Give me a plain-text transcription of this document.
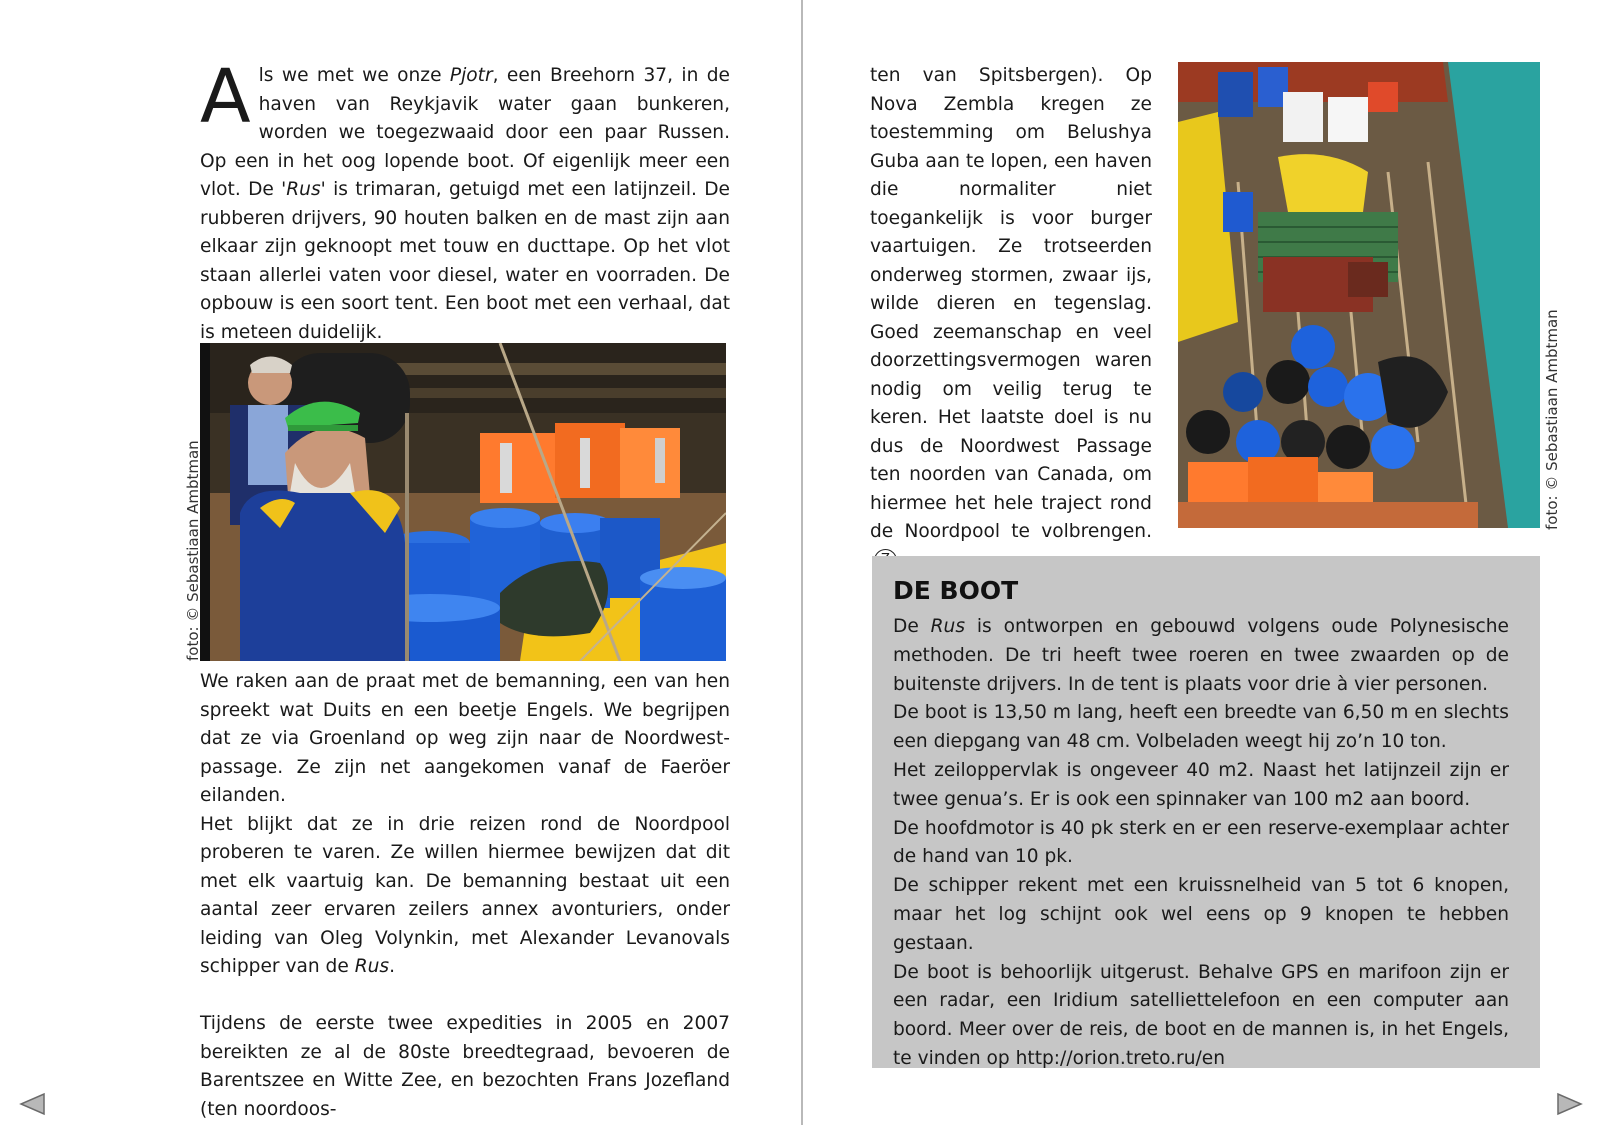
A ls we met we onze Pjotr, een Breehorn 37, in de haven van Reykjavik water gaan bunkeren, worden we toegezwaaid door een paar Russen. Op een in het oog lopende boot. Of eigenlijk meer een vlot. De 'Rus' is trimaran, getuigd met een latijnzeil. De rubberen drijvers, 90 houten balken en de mast zijn aan elkaar zijn geknoopt met touw en ducttape. Op het vlot staan allerlei vaten voor diesel, water en voorraden. De opbouw is een soort tent. Een boot met een verhaal, dat is meteen duidelijk.

foto: © Sebastiaan Ambtman

We raken aan de praat met de bemanning, een van hen spreekt wat Duits en een beetje Engels. We begrijpen dat ze via Groenland op weg zijn naar de Noordwest-passage. Ze zijn net aangekomen vanaf de Faeröer eilanden.

Het blijkt dat ze in drie reizen rond de Noordpool proberen te varen. Ze willen hiermee bewijzen dat dit met elk vaartuig kan. De bemanning bestaat uit een aantal zeer ervaren zeilers annex avonturiers, onder leiding van Oleg Volynkin, met Alexander Levanovals schipper van de Rus.

Tijdens de eerste twee expedities in 2005 en 2007 bereikten ze al de 80ste breedtegraad, bevoeren de Barentszee en Witte Zee, en bezochten Frans Jozefland (ten noordoos-

ten van Spitsbergen). Op Nova Zembla kregen ze toestemming om Belushya Guba aan te lopen, een haven die normaliter niet toegankelijk is voor burger vaartuigen. Ze trotseerden onderweg stormen, zwaar ijs, wilde dieren en tegenslag. Goed zeemanschap en veel doorzettingsvermogen waren nodig om veilig terug te keren. Het laatste doel is nu dus de Noordwest Passage ten noorden van Canada, om hiermee het hele traject rond de Noordpool te volbrengen.

foto: © Sebastiaan Ambtman
DE BOOT

De Rus is ontworpen en gebouwd volgens oude Polynesische methoden. De tri heeft twee roeren en twee zwaarden op de buitenste drijvers. In de tent is plaats voor drie à vier personen.

De boot is 13,50 m lang, heeft een breedte van 6,50 m en slechts een diepgang van 48 cm. Volbeladen weegt hij zo’n 10 ton.

Het zeiloppervlak is ongeveer 40 m2. Naast het latijnzeil zijn er twee genua’s. Er is ook een spinnaker van 100 m2 aan boord.

De hoofdmotor is 40 pk sterk en er een reserve-exemplaar achter de hand van 10 pk.

De schipper rekent met een kruissnelheid van 5 tot 6 knopen, maar het log schijnt ook wel eens op 9 knopen te hebben gestaan.

De boot is behoorlijk uitgerust. Behalve GPS en marifoon zijn er een radar, een Iridium satelliettelefoon en een computer aan boord. Meer over de reis, de boot en de mannen is, in het Engels, te vinden op http://orion.treto.ru/en
